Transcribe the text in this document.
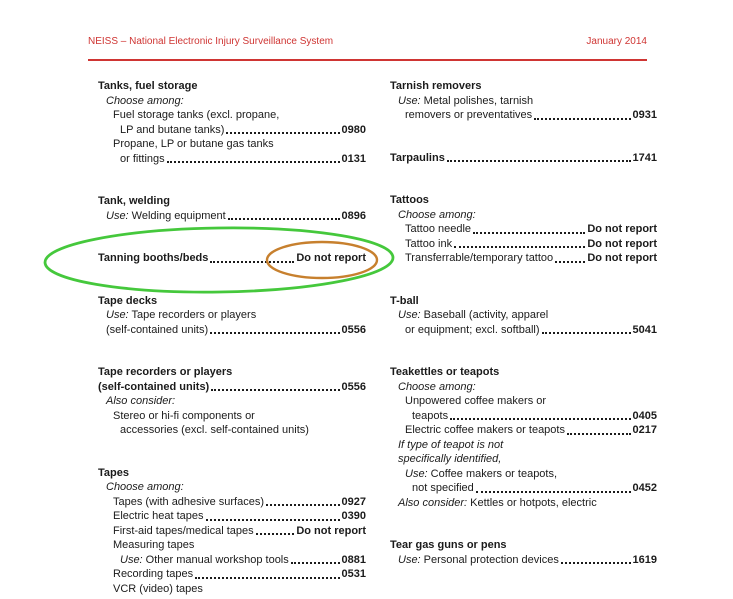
NEISS – National Electronic Injury Surveillance System	January 2014
Tanks, fuel storage
Choose among:
Fuel storage tanks (excl. propane,
LP and butane tanks)	0980
Propane, LP or butane gas tanks
or fittings	0131
Tank, welding
Use: Welding equipment	0896
Tanning booths/beds	Do not report
Tape decks
Use: Tape recorders or players
(self-contained units)	0556
Tape recorders or players
(self-contained units)	0556
Also consider:
Stereo or hi-fi components or
accessories (excl. self-contained units)
Tapes
Choose among:
Tapes (with adhesive surfaces)	0927
Electric heat tapes	0390
First-aid tapes/medical tapes	Do not report
Measuring tapes
Use: Other manual workshop tools	0881
Recording tapes	0531
VCR (video) tapes
Tarnish removers
Use: Metal polishes, tarnish
removers or preventatives	0931
Tarpaulins	1741
Tattoos
Choose among:
Tattoo needle	Do not report
Tattoo ink	Do not report
Transferrable/temporary tattoo	Do not report
T-ball
Use: Baseball (activity, apparel
or equipment; excl. softball)	5041
Teakettles or teapots
Choose among:
Unpowered coffee makers or
teapots	0405
Electric coffee makers or teapots	0217
If type of teapot is not
specifically identified,
Use: Coffee makers or teapots,
not specified	0452
Also consider: Kettles or hotpots, electric
Tear gas guns or pens
Use: Personal protection devices	1619
